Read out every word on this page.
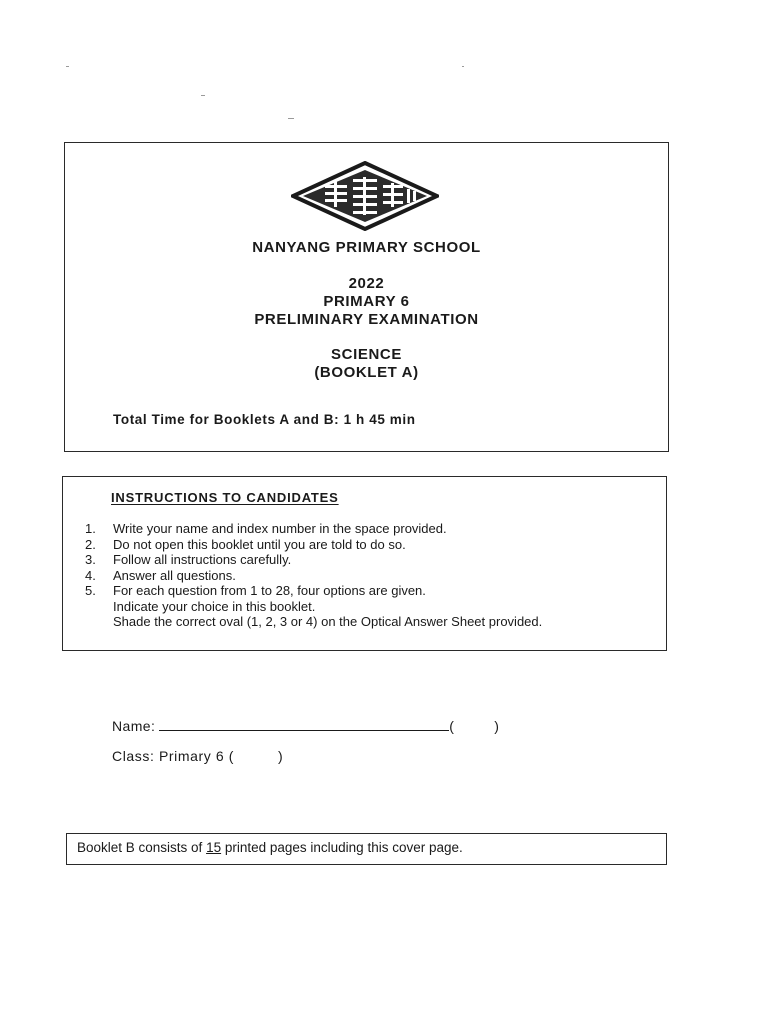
NANYANG PRIMARY SCHOOL
2022
PRIMARY 6
PRELIMINARY EXAMINATION
SCIENCE
(BOOKLET A)
Total Time for Booklets A and B: 1 h 45 min
INSTRUCTIONS TO CANDIDATES
1.	Write your name and index number in the space provided.
2.	Do not open this booklet until you are told to do so.
3.	Follow all instructions carefully.
4.	Answer all questions.
5.	For each question from 1 to 28, four options are given.
Indicate your choice in this booklet.
Shade the correct oval (1, 2, 3 or 4) on the Optical Answer Sheet provided.
Name:	(	)
Class: Primary 6 (	)
Booklet B consists of 15 printed pages including this cover page.
